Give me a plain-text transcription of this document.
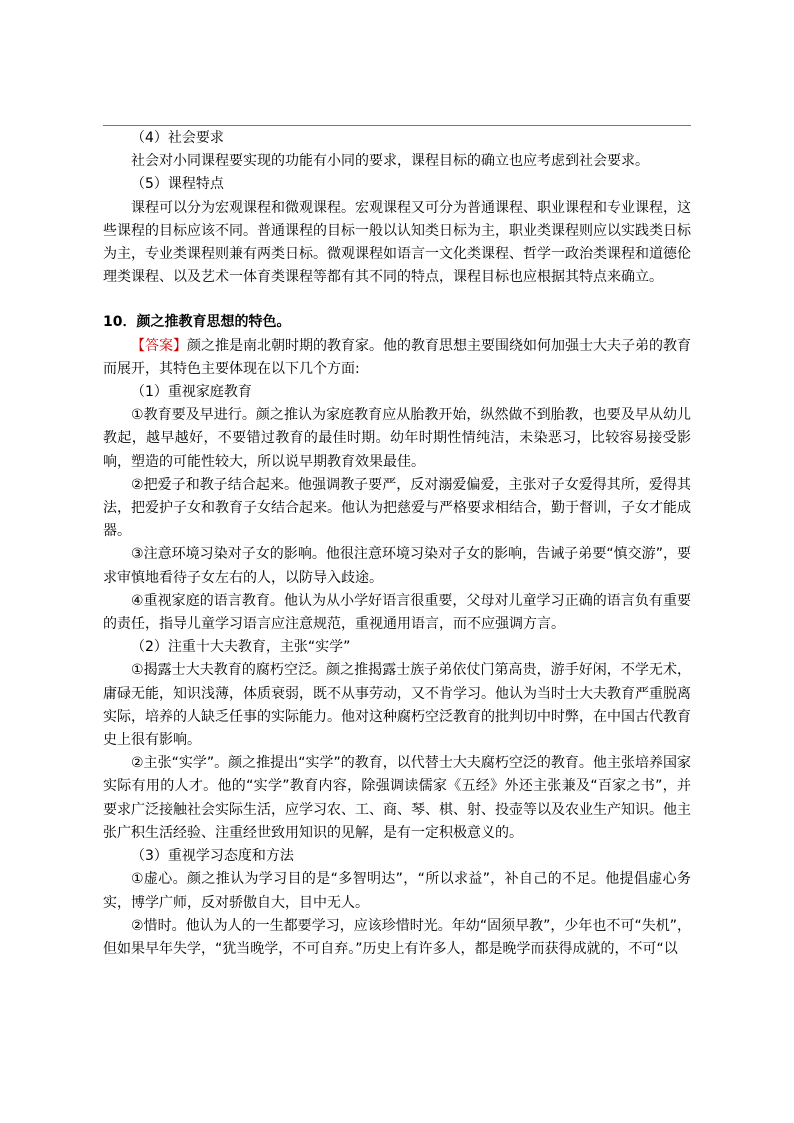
（4）社会要求

社会对小同课程要实现的功能有小同的要求，课程目标的确立也应考虑到社会要求。

（5）课程特点

课程可以分为宏观课程和微观课程。宏观课程又可分为普通课程、职业课程和专业课程，这些课程的目标应该不同。普通课程的目标一般以认知类日标为主，职业类课程则应以实践类日标为主，专业类课程则兼有两类日标。微观课程如语言一文化类课程、哲学一政治类课程和道德伦理类课程、以及艺术一体育类课程等都有其不同的特点，课程目标也应根据其特点来确立。

10．颜之推教育思想的特色。

【答案】颜之推是南北朝时期的教育家。他的教育思想主要围绕如何加强士大夫子弟的教育而展开，其特色主要体现在以下几个方面:

（1）重视家庭教育

①教育要及早进行。颜之推认为家庭教育应从胎教开始，纵然做不到胎教，也要及早从幼儿教起，越早越好，不要错过教育的最佳时期。幼年时期性情纯洁，未染恶习，比较容易接受影响，塑造的可能性较大，所以说早期教育效果最佳。

②把爱子和教子结合起来。他强调教子要严，反对溺爱偏爱，主张对子女爱得其所，爱得其法，把爱护子女和教育子女结合起来。他认为把慈爱与严格要求相结合，勤于督训，子女才能成器。

③注意环境习染对子女的影响。他很注意环境习染对子女的影响，告诫子弟要“慎交游”，要求审慎地看待子女左右的人，以防导入歧途。

④重视家庭的语言教育。他认为从小学好语言很重要，父母对儿童学习正确的语言负有重要的责任，指导儿童学习语言应注意规范，重视通用语言，而不应强调方言。

（2）注重十大夫教育，主张“实学”

①揭露士大夫教育的腐朽空泛。颜之推揭露士族子弟依仗门第高贵，游手好闲，不学无术，庸碌无能，知识浅薄，体质衰弱，既不从事劳动，又不肯学习。他认为当时士大夫教育严重脱离实际，培养的人缺乏任事的实际能力。他对这种腐朽空泛教育的批判切中时弊，在中国古代教育史上很有影响。

②主张“实学”。颜之推提出“实学”的教育，以代替士大夫腐朽空泛的教育。他主张培养国家实际有用的人才。他的“实学”教育内容，除强调读儒家《五经》外还主张兼及“百家之书”，并要求广泛接触社会实际生活，应学习农、工、商、琴、棋、射、投壶等以及农业生产知识。他主张广积生活经验、注重经世致用知识的见解，是有一定积极意义的。

（3）重视学习态度和方法

①虚心。颜之推认为学习目的是“多智明达”，“所以求益”，补自己的不足。他提倡虚心务实，博学广师，反对骄傲自大，目中无人。

②惜时。他认为人的一生都要学习，应该珍惜时光。年幼“固须早教”，少年也不可“失机”，但如果早年失学，“犹当晚学，不可自弃。”历史上有许多人，都是晚学而获得成就的，不可“以
